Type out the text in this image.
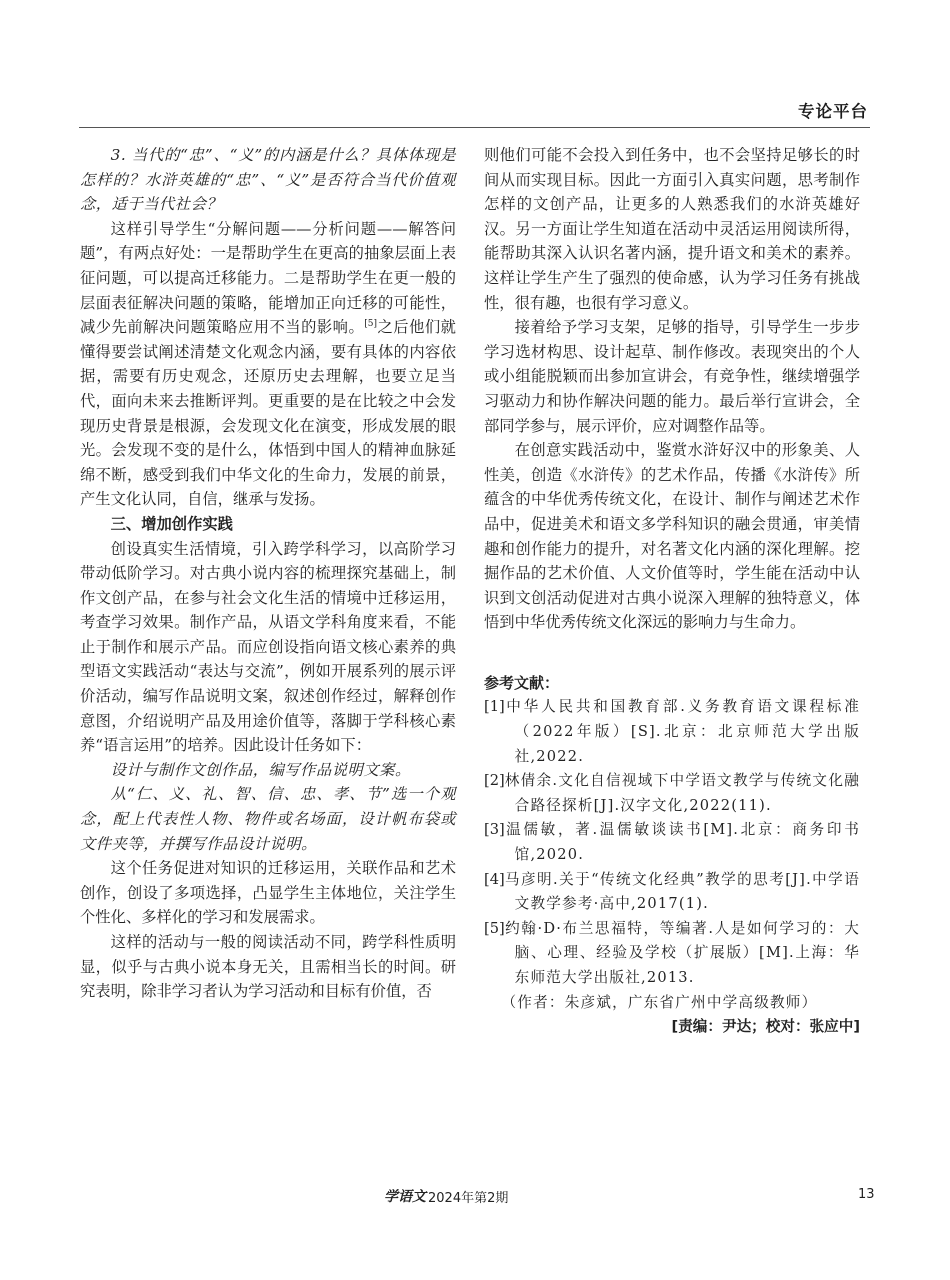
专论平台

3. 当代的“忠”、“义”的内涵是什么？具体体现是怎样的？水浒英雄的“忠”、“义”是否符合当代价值观念，适于当代社会？

这样引导学生“分解问题——分析问题——解答问题”，有两点好处：一是帮助学生在更高的抽象层面上表征问题，可以提高迁移能力。二是帮助学生在更一般的层面表征解决问题的策略，能增加正向迁移的可能性，减少先前解决问题策略应用不当的影响。[5]之后他们就懂得要尝试阐述清楚文化观念内涵，要有具体的内容依据，需要有历史观念，还原历史去理解，也要立足当代，面向未来去推断评判。更重要的是在比较之中会发现历史背景是根源，会发现文化在演变，形成发展的眼光。会发现不变的是什么，体悟到中国人的精神血脉延绵不断，感受到我们中华文化的生命力，发展的前景，产生文化认同，自信，继承与发扬。

三、增加创作实践

创设真实生活情境，引入跨学科学习，以高阶学习带动低阶学习。对古典小说内容的梳理探究基础上，制作文创产品，在参与社会文化生活的情境中迁移运用，考查学习效果。制作产品，从语文学科角度来看，不能止于制作和展示产品。而应创设指向语文核心素养的典型语文实践活动“表达与交流”，例如开展系列的展示评价活动，编写作品说明文案，叙述创作经过，解释创作意图，介绍说明产品及用途价值等，落脚于学科核心素养“语言运用”的培养。因此设计任务如下：

设计与制作文创作品，编写作品说明文案。

从“仁、义、礼、智、信、忠、孝、节”选一个观念，配上代表性人物、物件或名场面，设计帆布袋或文件夹等，并撰写作品设计说明。

这个任务促进对知识的迁移运用，关联作品和艺术创作，创设了多项选择，凸显学生主体地位，关注学生个性化、多样化的学习和发展需求。

这样的活动与一般的阅读活动不同，跨学科性质明显，似乎与古典小说本身无关，且需相当长的时间。研究表明，除非学习者认为学习活动和目标有价值，否

则他们可能不会投入到任务中，也不会坚持足够长的时间从而实现目标。因此一方面引入真实问题，思考制作怎样的文创产品，让更多的人熟悉我们的水浒英雄好汉。另一方面让学生知道在活动中灵活运用阅读所得，能帮助其深入认识名著内涵，提升语文和美术的素养。这样让学生产生了强烈的使命感，认为学习任务有挑战性，很有趣，也很有学习意义。

接着给予学习支架，足够的指导，引导学生一步步学习选材构思、设计起草、制作修改。表现突出的个人或小组能脱颖而出参加宣讲会，有竞争性，继续增强学习驱动力和协作解决问题的能力。最后举行宣讲会，全部同学参与，展示评价，应对调整作品等。

在创意实践活动中，鉴赏水浒好汉中的形象美、人性美，创造《水浒传》的艺术作品，传播《水浒传》所蕴含的中华优秀传统文化，在设计、制作与阐述艺术作品中，促进美术和语文多学科知识的融会贯通，审美情趣和创作能力的提升，对名著文化内涵的深化理解。挖掘作品的艺术价值、人文价值等时，学生能在活动中认识到文创活动促进对古典小说深入理解的独特意义，体悟到中华优秀传统文化深远的影响力与生命力。

参考文献：

[1]中华人民共和国教育部.义务教育语文课程标准（2022年版）[S].北京：北京师范大学出版社,2022.

[2]林倩余.文化自信视域下中学语文教学与传统文化融合路径探析[J].汉字文化,2022(11).

[3]温儒敏，著.温儒敏谈读书[M].北京：商务印书馆,2020.

[4]马彦明.关于“传统文化经典”教学的思考[J].中学语文教学参考·高中,2017(1).

[5]约翰·D·布兰思福特，等编著.人是如何学习的：大脑、心理、经验及学校（扩展版）[M].上海：华东师范大学出版社,2013.

（作者：朱彦斌，广东省广州中学高级教师）

[责编：尹达；校对：张应中]

学语文 2024年第2期	13
